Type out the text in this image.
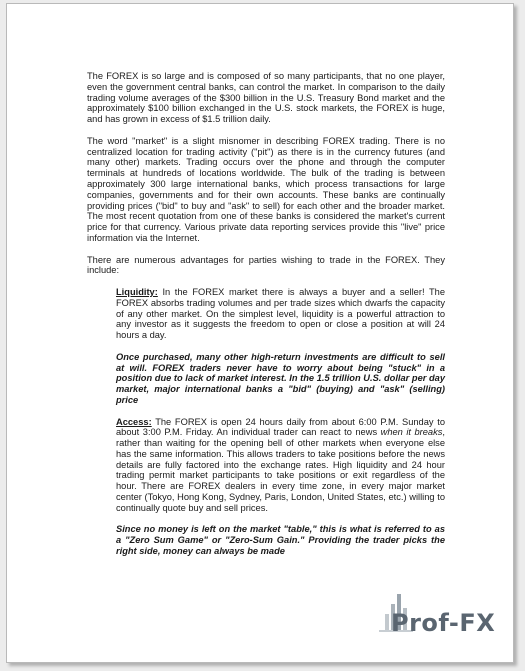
The FOREX is so large and is composed of so many participants, that no one player, even the government central banks, can control the market. In comparison to the daily trading volume averages of the $300 billion in the U.S. Treasury Bond market and the approximately $100 billion exchanged in the U.S. stock markets, the FOREX is huge, and has grown in excess of $1.5 trillion daily.

The word "market" is a slight misnomer in describing FOREX trading. There is no centralized location for trading activity ("pit") as there is in the currency futures (and many other) markets. Trading occurs over the phone and through the computer terminals at hundreds of locations worldwide. The bulk of the trading is between approximately 300 large international banks, which process transactions for large companies, governments and for their own accounts. These banks are continually providing prices ("bid" to buy and "ask" to sell) for each other and the broader market. The most recent quotation from one of these banks is considered the market's current price for that currency. Various private data reporting services provide this "live" price information via the Internet.

There are numerous advantages for parties wishing to trade in the FOREX. They include:

Liquidity: In the FOREX market there is always a buyer and a seller! The FOREX absorbs trading volumes and per trade sizes which dwarfs the capacity of any other market. On the simplest level, liquidity is a powerful attraction to any investor as it suggests the freedom to open or close a position at will 24 hours a day.

Once purchased, many other high-return investments are difficult to sell at will. FOREX traders never have to worry about being "stuck" in a position due to lack of market interest. In the 1.5 trillion U.S. dollar per day market, major international banks a "bid" (buying) and "ask" (selling) price

Access: The FOREX is open 24 hours daily from about 6:00 P.M. Sunday to about 3:00 P.M. Friday. An individual trader can react to news when it breaks, rather than waiting for the opening bell of other markets when everyone else has the same information. This allows traders to take positions before the news details are fully factored into the exchange rates. High liquidity and 24 hour trading permit market participants to take positions or exit regardless of the hour. There are FOREX dealers in every time zone, in every major market center (Tokyo, Hong Kong, Sydney, Paris, London, United States, etc.) willing to continually quote buy and sell prices.

Since no money is left on the market "table," this is what is referred to as a "Zero Sum Game" or "Zero-Sum Gain." Providing the trader picks the right side, money can always be made

Prof-FX
